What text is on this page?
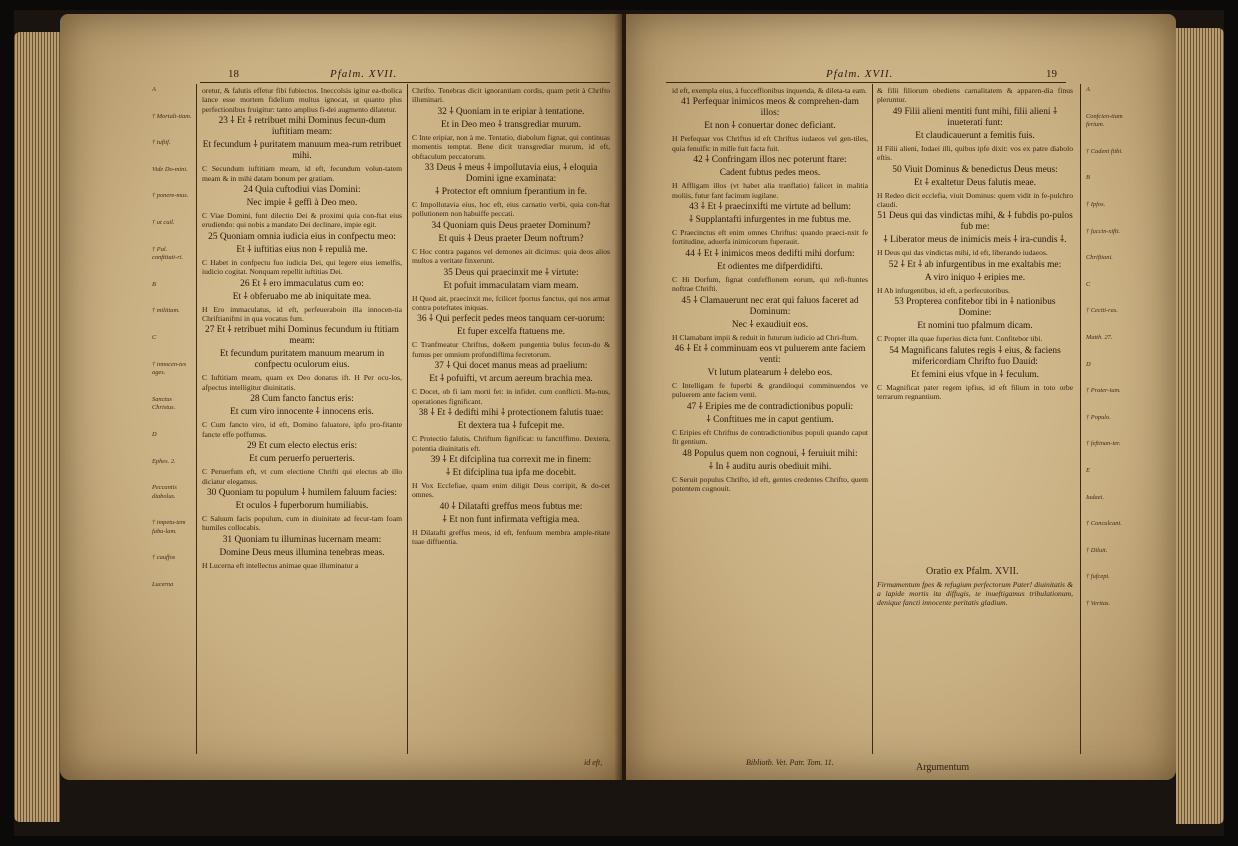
Pfalm. XVII.
18
A
† Mortali-tiam.
† tuftif.
Vide Do-mini.
† ponere-mus.
† ut cuil.
† Pal. conftituti-ri.
B
† militiam.
C
† innocen-tes ages.
Sanctus Christus.
D
Ephes. 2.
Peccantis diabolus.
† impetu-tem fabu-lam.
† cauffos
Lucerna

oretur, & falutis effetur fibi fubiectos. Ineccolsis igitur ea-tholica lance esse mortem fidelium multus ignocat, ut quanto plus perfectionibus fruigitur: tanto amplius fi-dei augmento dilatetur.

23 ⸸ Et ⸸ retribuet mihi Dominus fecun-dum iuftitiam meam:

Et fecundum ⸸ puritatem manuum mea-rum retribuet mihi.

C Secundum iuftitiam meam, id eft, fecundum volun-tatem meam & in mihi datam bonum per gratiam.

24 Quia cuftodiui vias Domini:

Nec impie ⸸ geffi à Deo meo.

C Viae Domini, funt dilectio Dei & proximi quia con-ftat eius erudiendo: qui nobis a mandato Dei declinare, impie egit.

25 Quoniam omnia iudicia eius in confpectu meo:

Et ⸸ iuftitias eius non ⸸ repulià me.

C Habet in confpectu fuo iudicia Dei, qui legere eius iemelfis, iudicio cogitat. Nonquam repellit iuftitias Dei.

26 Et ⸸ ero immaculatus cum eo:

Et ⸸ obferuabo me ab iniquitate mea.

H Ero immaculatus, id eft, perfeueraboin illa innocen-tia Chriftianifmi in qua vocatus fum.

27 Et ⸸ retribuet mihi Dominus fecundum iu ftitiam meam:

Et fecundum puritatem manuum mearum in confpectu oculorum eius.

C Iuftitiam meam, quam ex Deo donatus ift. H Per ocu-los, afpectus intelligitur diuinitatis.

28 Cum fancto fanctus eris:

Et cum viro innocente ⸸ innocens eris.

C Cum fancto viro, id eft, Domino faluatore, ipfo pro-fitante fancte effe poffumus.

29 Et cum electo electus eris:

Et cum peruerfo peruerteris.

C Peruerfum eft, vt cum electione Chrifti qui electus ab illo diciatur elegamus.

30 Quoniam tu populum ⸸ humilem faluum facies:

Et oculos ⸸ fuperborum humiliabis.

C Saluum facis populum, cum in diuinitate ad fecur-tam foam humiles collocabis.

31 Quoniam tu illuminas lucernam meam:

Domine Deus meus illumina tenebras meas.

H Lucerna eft intellectus animae quae illuminatur a

Chrifto. Tenebras dicit ignorantiam cordis, quam petit à Chrifto illuminari.

32 ⸸ Quoniam in te eripiar à tentatione.

Et in Deo meo ⸸ transgrediar murum.

C Inte eripiar, non à me. Tentatio, diabolum fignat, qui continuas momentis temptat. Bene dicit transgrediar murum, id eft, obftaculum peccatorum.

33 Deus ⸸ meus ⸸ impollutavia eius, ⸸ eloquia Domini igne examinata:

⸸ Protector eft omnium fperantium in fe.

C Impollutavia eius, hoc eft, eius carnatio verbi, quia con-ftat pollutionem non habuiffe peccati.

34 Quoniam quis Deus praeter Dominum?

Et quis ⸸ Deus praeter Deum noftrum?

C Hoc contra paganos vel demones ait dicimus: quia deos alios multos a veritate finxerunt.

35 Deus qui praecinxit me ⸸ virtute:

Et pofuit immaculatam viam meam.

H Quod ait, praecinxit me, fcilicet fportus fanctus, qui nos armat contra poteftates iniquas.

36 ⸸ Qui perfecit pedes meos tanquam cer-uorum:

Et fuper excelfa ftatuens me.

C Tranfmeatur Chriftus, do&em pungentia bulus fecun-do & fumus per omnium profundiflima fecretorum.

37 ⸸ Qui docet manus meas ad praelium:

Et ⸸ pofuifti, vt arcum aereum brachia mea.

C Docet, ob fi iam morti fet: in infidet. cum conflicti. Ma-nus, operationes fignificant.

38 ⸸ Et ⸸ dedifti mihi ⸸ protectionem falutis tuae:

Et dextera tua ⸸ fufcepit me.

C Protectio falutis, Chriftum fignificat: tu fanctiffimo. Dextera, potentia diuinitatis eft.

39 ⸸ Et difciplina tua correxit me in finem:

⸸ Et difciplina tua ipfa me docebit.

H Vox Ecclefiae, quam enim diligit Deus corripit, & do-cet omnes.

40 ⸸ Dilatafti greffus meos fubtus me:

⸸ Et non funt infirmata veftigia mea.

H Dilatafti greffus meos, id eft, fenfuum membra ample-ritate tuae diffuentia.

id eft,
Pfalm. XVII.	19

id eft, exempla eius, à fucceffionibus inquenda, & dileta-ta eam.

41 Perfequar inimicos meos & comprehen-dam illos:

Et non ⸸ conuertar donec deficiant.

H Perfequar vos Chriftus id eft Chriftus iudaeos vel gen-tiles, quia fenuific in mille fuit facta fuit.

42 ⸸ Confringam illos nec poterunt ftare:

Cadent fubtus pedes meos.

H Affligam illos (vt habet alia tranflatio) falicet in malitia moliis, futur fant facinum iugilane.

43 ⸸ Et ⸸ praecinxifti me virtute ad bellum:

⸸ Supplantafti infurgentes in me fubtus me.

C Praecinctus eft enim omnes Chriftus: quando praeci-nxit fe fortitudine, aduerfa inimicorum fuperauit.

44 ⸸ Et ⸸ inimicos meos dedifti mihi dorfum:

Et odientes me difperdidifti.

C Hi Dorfum, fignat confeffionem eorum, qui refi-ftuntes noftrae Chrifti.

45 ⸸ Clamauerunt nec erat qui faluos faceret ad Dominum:

Nec ⸸ exaudiuit eos.

H Clamabant impii & reduit in futurum iudicio ad Chri-ftum.

46 ⸸ Et ⸸ comminuam eos vt puluerem ante faciem venti:

Vt lutum platearum ⸸ delebo eos.

C Intelligam fe fuperbi & grandiloqui comminuendos ve puluerem ante faciem venti.

47 ⸸ Eripies me de contradictionibus populi:

⸸ Conftitues me in caput gentium.

C Eripies eft Chriftus de contradictionibus populi quando caput fit gentium.

48 Populus quem non cognoui, ⸸ feruiuit mihi:

⸸ In ⸸ auditu auris obediuit mihi.

C Seruit populus Chrifto, id eft, gentes credentes Chrifto, quem potentem cognouit.

& filii filiorum obediens carnalitatem & apparen-dia finus pleruntur.

49 Filii alieni mentiti funt mihi, filii alieni ⸸ inueterati funt:

Et claudicauerunt a femitis fuis.

H Filii alieni, Iudaei illi, quibus ipfe dixit: vos ex patre diabolo eftis.

50 Viuit Dominus & benedictus Deus meus:

Et ⸸ exaltetur Deus falutis meae.

H Redeo dicit ecclefia, viuit Dominus: quem vidit in fe-pulchro claudi.

51 Deus qui das vindictas mihi, & ⸸ fubdis po-pulos fub me:

⸸ Liberator meus de inimicis meis ⸸ ira-cundis ⸸.

H Deus qui das vindictas mihi, id eft, liberando iudaeos.

52 ⸸ Et ⸸ ab infurgentibus in me exaltabis me:

A viro iniquo ⸸ eripies me.

H Ab infurgentibus, id eft, a perfecutoribus.

53 Propterea confitebor tibi in ⸸ nationibus Domine:

Et nomini tuo pfalmum dicam.

C Propter illa quae fuperius dicta funt. Confitebor tibi.

54 Magnificans falutes regis ⸸ eius, & faciens mifericordiam Chrifto fuo Dauid:

Et femini eius vfque in ⸸ feculum.

C Magnificat pater regem ipfius, id eft filium in toto orbe terrarum regnantium.

Oratio ex Pfalm. XVII.
Firmamentum fpes & refugium perfectorum Pater! diuinitatis & a lapide mortis ita diffugis, te inueftigamus tribulationum, denique fancti innocente peritatis gladium.
Argumentum
Bibliotb. Vet. Patr. Tom. 11.
A
Confcien-tiam ferium.
† Cadent fiibi.
B
† Ipfos.
† fuccin-xifti.
Chriftiani.
C
† Ceciti-ras.
Matth. 27.
D
† Prater-ium.
† Populo.
† feftinan-ter.
E
Iudaei.
† Conculcant.
† Diluit.
† fufcepi.
† Veritas.
